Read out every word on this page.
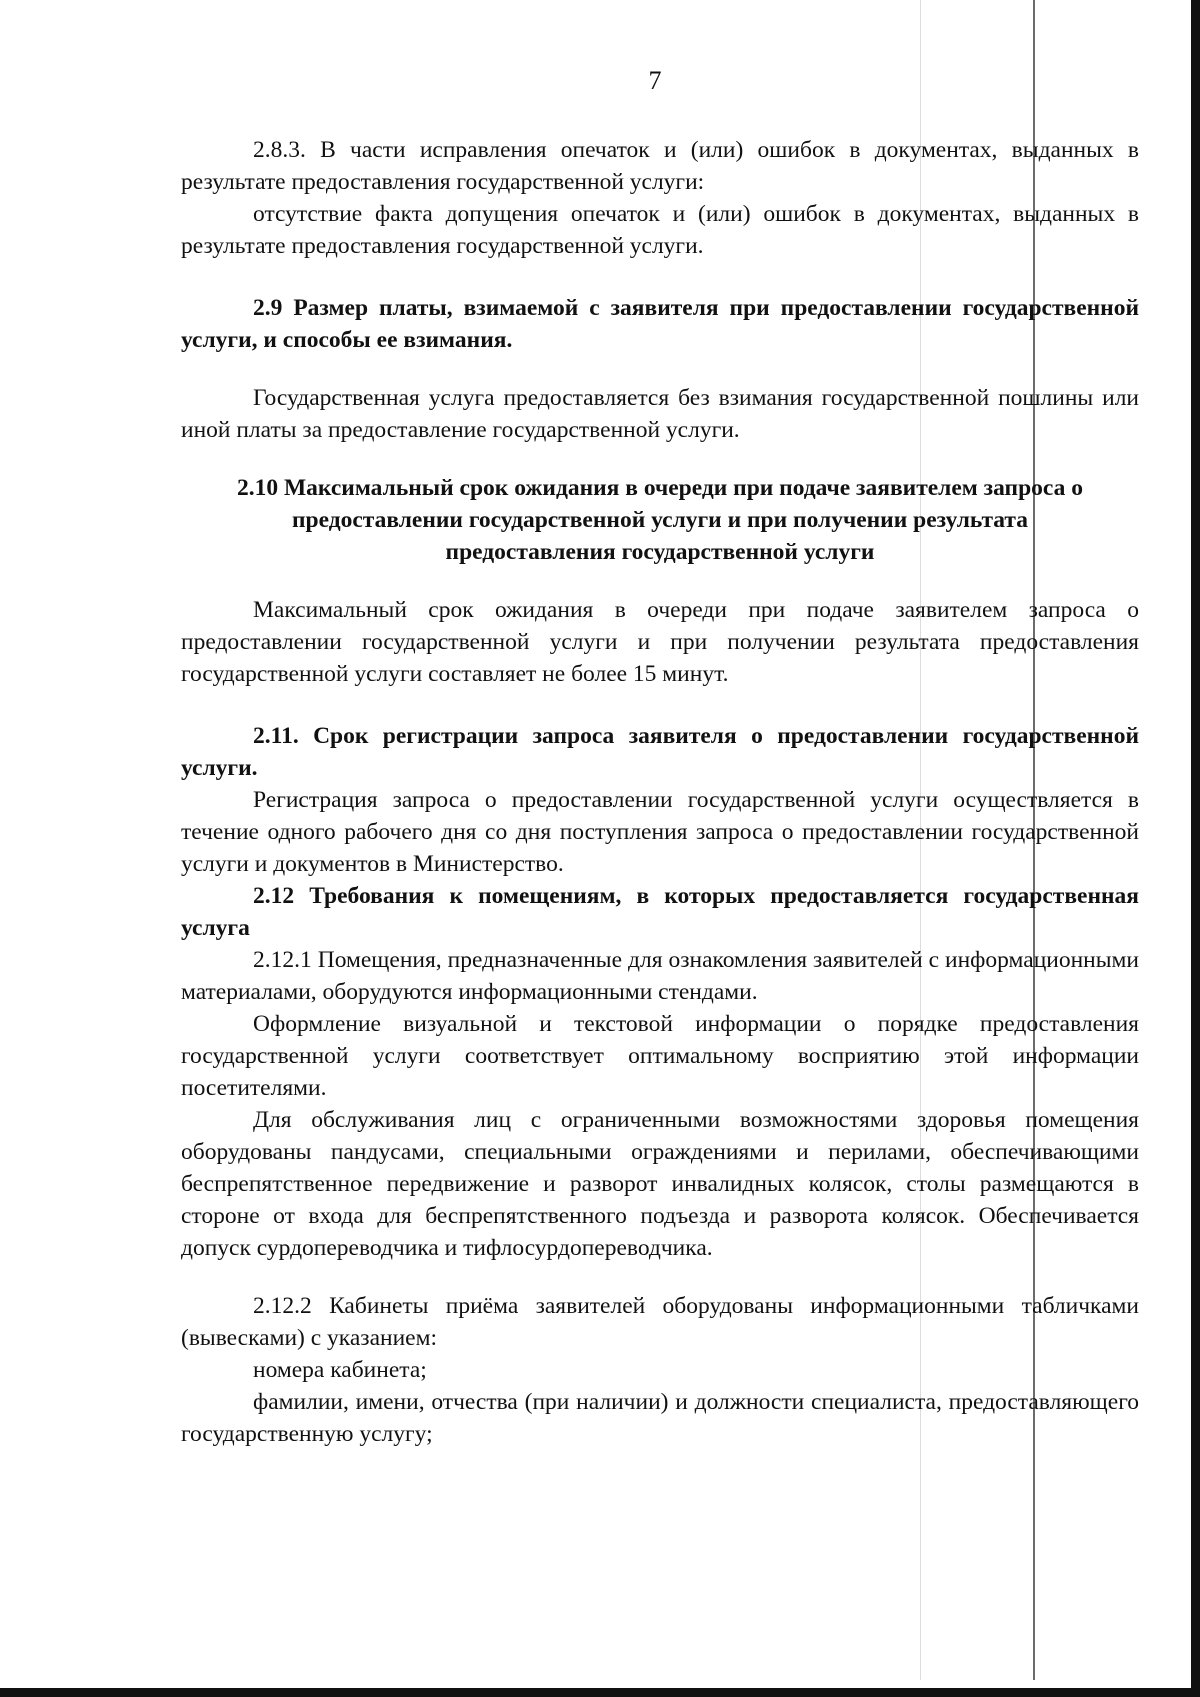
7

2.8.3. В части исправления опечаток и (или) ошибок в документах, выданных в результате предоставления государственной услуги:

отсутствие факта допущения опечаток и (или) ошибок в документах, выданных в результате предоставления государственной услуги.

2.9 Размер платы, взимаемой с заявителя при предоставлении государственной услуги, и способы ее взимания.

Государственная услуга предоставляется без взимания государственной пошлины или иной платы за предоставление государственной услуги.

2.10 Максимальный срок ожидания в очереди при подаче заявителем запроса о предоставлении государственной услуги и при получении результата предоставления государственной услуги

Максимальный срок ожидания в очереди при подаче заявителем запроса о предоставлении государственной услуги и при получении результата предоставления государственной услуги составляет не более 15 минут.

2.11. Срок регистрации запроса заявителя о предоставлении государственной услуги.

Регистрация запроса о предоставлении государственной услуги осуществляется в течение одного рабочего дня со дня поступления запроса о предоставлении государственной услуги и документов в Министерство.

2.12 Требования к помещениям, в которых предоставляется государственная услуга

2.12.1 Помещения, предназначенные для ознакомления заявителей с информационными материалами, оборудуются информационными стендами.

Оформление визуальной и текстовой информации о порядке предоставления государственной услуги соответствует оптимальному восприятию этой информации посетителями.

Для обслуживания лиц с ограниченными возможностями здоровья помещения оборудованы пандусами, специальными ограждениями и перилами, обеспечивающими беспрепятственное передвижение и разворот инвалидных колясок, столы размещаются в стороне от входа для беспрепятственного подъезда и разворота колясок. Обеспечивается допуск сурдопереводчика и тифлосурдопереводчика.

2.12.2 Кабинеты приёма заявителей оборудованы информационными табличками (вывесками) с указанием:

номера кабинета;

фамилии, имени, отчества (при наличии) и должности специалиста, предоставляющего государственную услугу;
